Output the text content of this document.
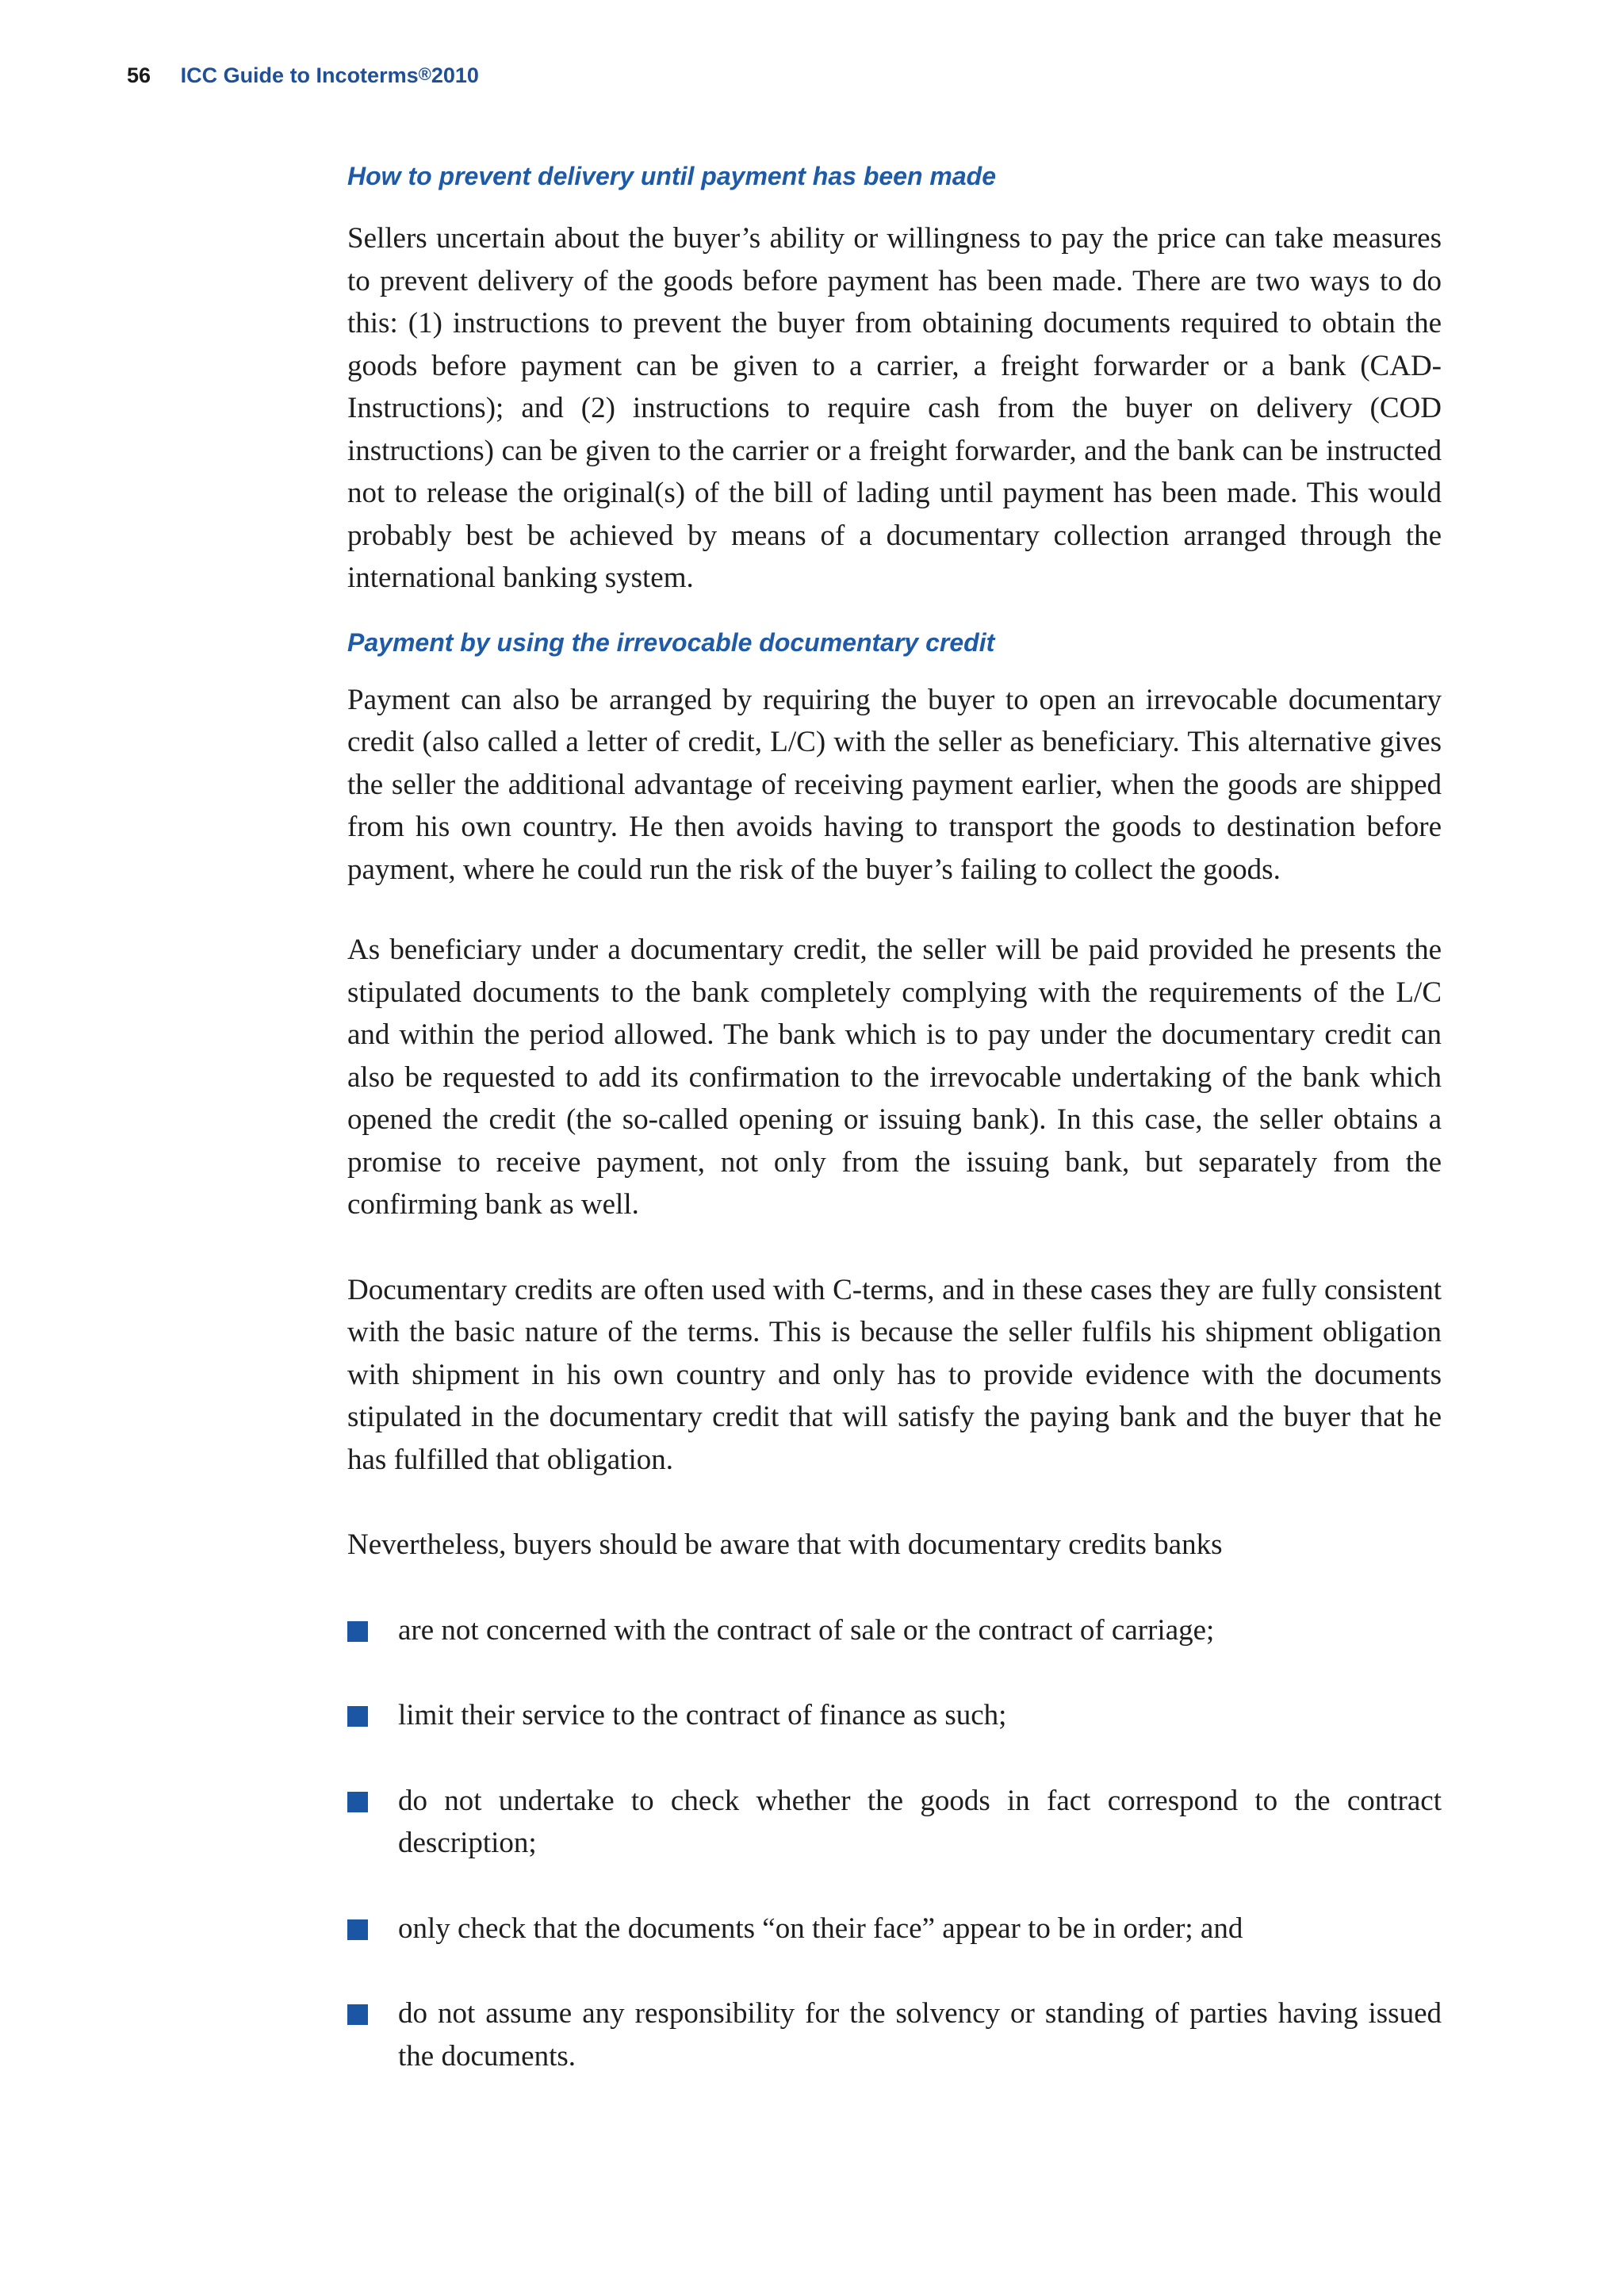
56 ICC Guide to Incoterms®2010
How to prevent delivery until payment has been made

Sellers uncertain about the buyer’s ability or willingness to pay the price can take measures to prevent delivery of the goods before payment has been made. There are two ways to do this: (1) instructions to prevent the buyer from obtaining documents required to obtain the goods before payment can be given to a carrier, a freight forwarder or a bank (CAD-Instructions); and (2) instructions to require cash from the buyer on delivery (COD instructions) can be given to the carrier or a freight forwarder, and the bank can be instructed not to release the original(s) of the bill of lading until payment has been made. This would probably best be achieved by means of a documentary collection arranged through the international banking system.

Payment by using the irrevocable documentary credit

Payment can also be arranged by requiring the buyer to open an irrevocable documentary credit (also called a letter of credit, L/C) with the seller as beneficiary. This alternative gives the seller the additional advantage of receiving payment earlier, when the goods are shipped from his own country. He then avoids having to transport the goods to destination before payment, where he could run the risk of the buyer’s failing to collect the goods.

As beneficiary under a documentary credit, the seller will be paid provided he presents the stipulated documents to the bank completely complying with the requirements of the L/C and within the period allowed. The bank which is to pay under the documentary credit can also be requested to add its confirmation to the irrevocable undertaking of the bank which opened the credit (the so-called opening or issuing bank). In this case, the seller obtains a promise to receive payment, not only from the issuing bank, but separately from the confirming bank as well.

Documentary credits are often used with C-terms, and in these cases they are fully consistent with the basic nature of the terms. This is because the seller fulfils his shipment obligation with shipment in his own country and only has to provide evidence with the documents stipulated in the documentary credit that will satisfy the paying bank and the buyer that he has fulfilled that obligation.

Nevertheless, buyers should be aware that with documentary credits banks

are not concerned with the contract of sale or the contract of carriage;
limit their service to the contract of finance as such;
do not undertake to check whether the goods in fact correspond to the contract description;
only check that the documents “on their face” appear to be in order; and
do not assume any responsibility for the solvency or standing of parties having issued the documents.
